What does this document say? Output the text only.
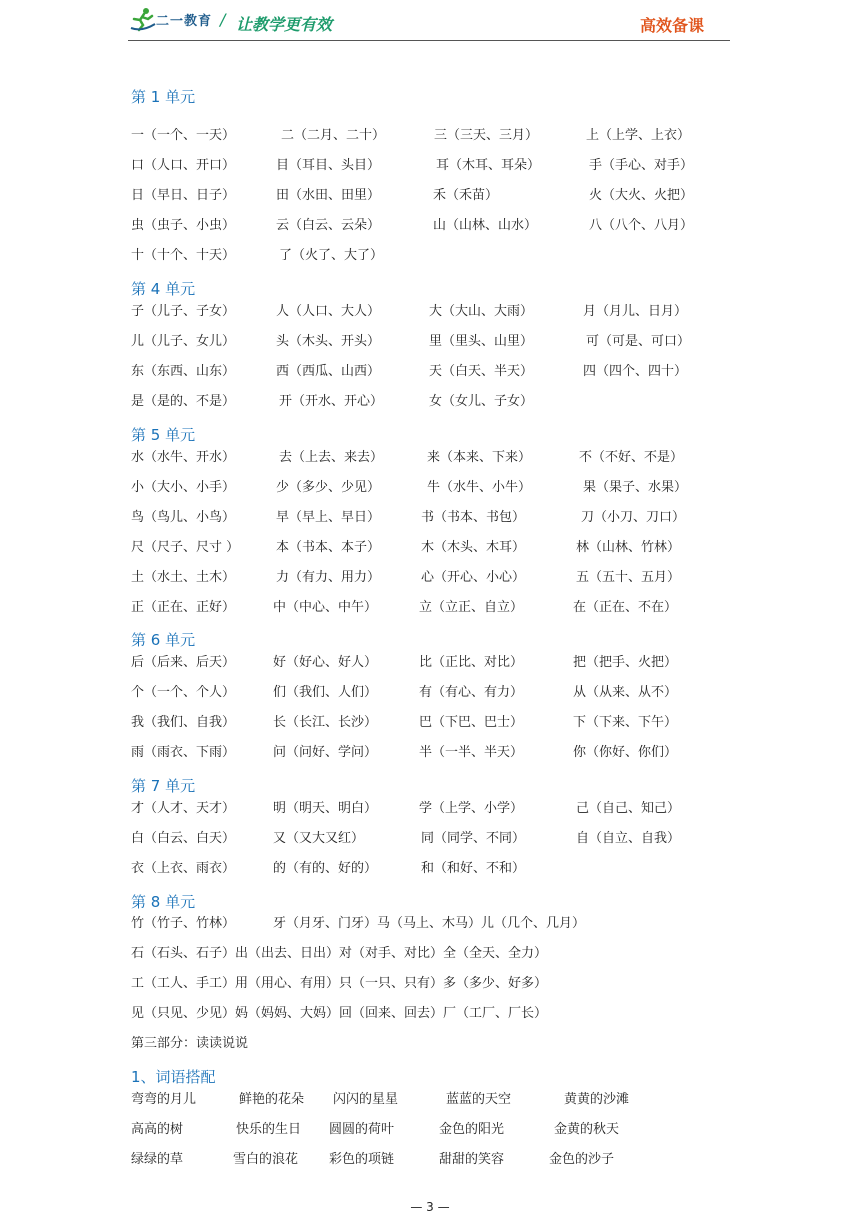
二一教育 / 让教学更有效	高效备课
第 1 单元
一（一个、一天）	二（二月、二十）	三（三天、三月）	上（上学、上衣）
口（人口、开口）	目（耳目、头目）	耳（木耳、耳朵）	手（手心、对手）
日（早日、日子）	田（水田、田里）	禾（禾苗）	火（大火、火把）
虫（虫子、小虫）	云（白云、云朵）	山（山林、山水）	八（八个、八月）
十（十个、十天）	了（火了、大了）
第 4 单元
子（儿子、子女）	人（人口、大人）	大（大山、大雨）	月（月儿、日月）
儿（儿子、女儿）	头（木头、开头）	里（里头、山里）	可（可是、可口）
东（东西、山东）	西（西瓜、山西）	天（白天、半天）	四（四个、四十）
是（是的、不是）	开（开水、开心）	女（女儿、子女）
第 5 单元
水（水牛、开水）	去（上去、来去）	来（本来、下来）	不（不好、不是）
小（大小、小手）	少（多少、少见）	牛（水牛、小牛）	果（果子、水果）
鸟（鸟儿、小鸟）	早（早上、早日）	书（书本、书包）	刀（小刀、刀口）
尺（尺子、尺寸 ）	本（书本、本子）	木（木头、木耳）	林（山林、竹林）
土（水土、土木）	力（有力、用力）	心（开心、小心）	五（五十、五月）
正（正在、正好）	中（中心、中午）	立（立正、自立）	在（正在、不在）
第 6 单元
后（后来、后天）	好（好心、好人）	比（正比、对比）	把（把手、火把）
个（一个、个人）	们（我们、人们）	有（有心、有力）	从（从来、从不）
我（我们、自我）	长（长江、长沙）	巴（下巴、巴士）	下（下来、下午）
雨（雨衣、下雨）	问（问好、学问）	半（一半、半天）	你（你好、你们）
第 7 单元
才（人才、天才）	明（明天、明白）	学（上学、小学）	己（自己、知己）
白（白云、白天）	又（又大又红）	同（同学、不同）	自（自立、自我）
衣（上衣、雨衣）	的（有的、好的）	和（和好、不和）
第 8 单元
竹（竹子、竹林）	牙（月牙、门牙）马（马上、木马）儿（几个、几月）
石（石头、石子）出（出去、日出）对（对手、对比）全（全天、全力）
工（工人、手工）用（用心、有用）只（一只、只有）多（多少、好多）
见（只见、少见）妈（妈妈、大妈）回（回来、回去）厂（工厂、厂长）
第三部分：读读说说
1、词语搭配
弯弯的月儿	鲜艳的花朵 闪闪的星星	蓝蓝的天空	黄黄的沙滩
高高的树	快乐的生日 圆圆的荷叶	金色的阳光	金黄的秋天
绿绿的草	雪白的浪花 彩色的项链	甜甜的笑容	金色的沙子
— 3 —
